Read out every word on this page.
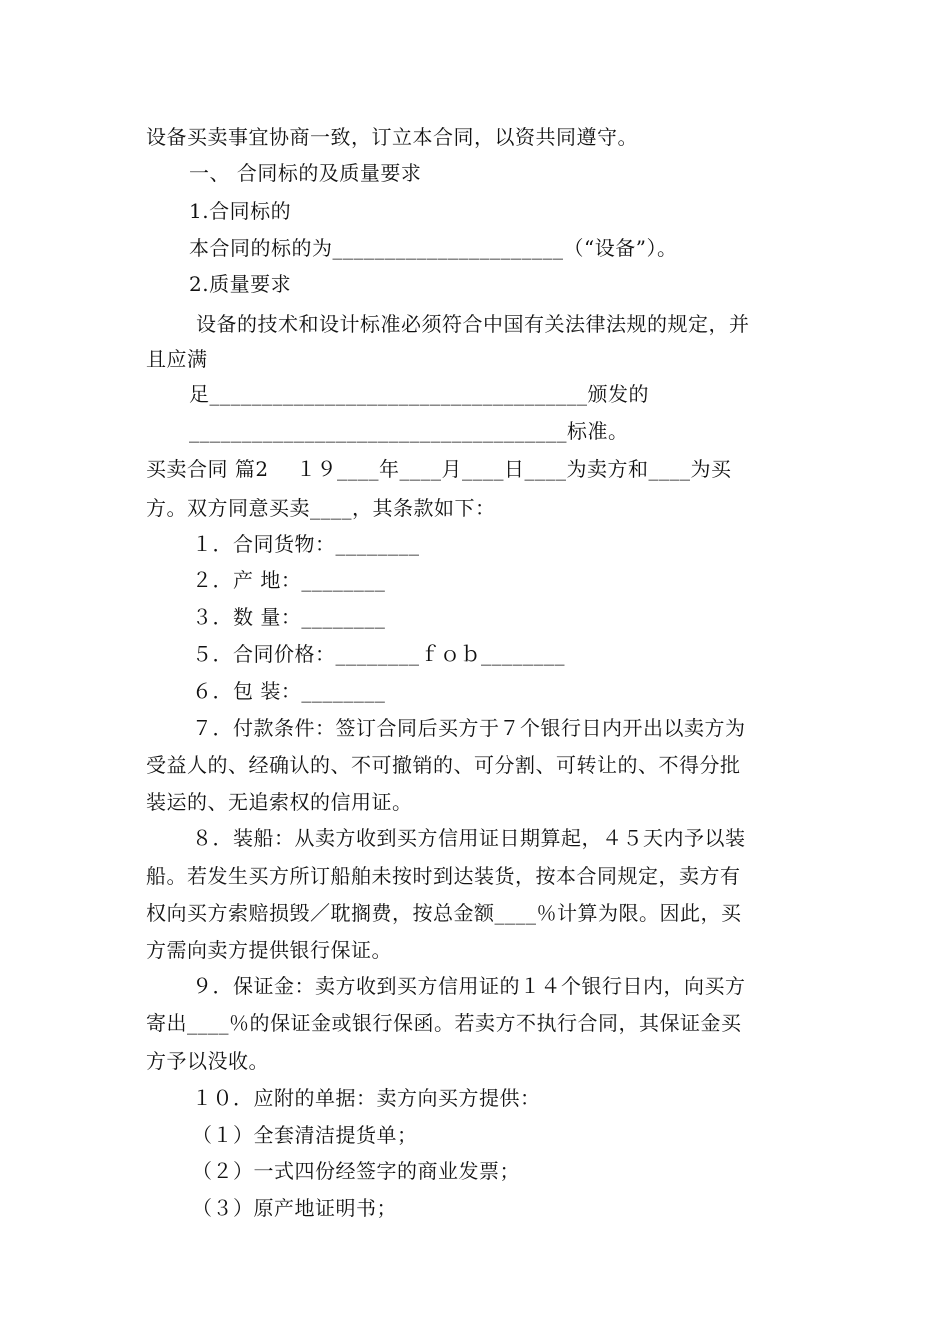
设备买卖事宜协商一致，订立本合同，以资共同遵守。
一、 合同标的及质量要求
1.合同标的
本合同的标的为______________________（“设备”）。
2.质量要求
设备的技术和设计标准必须符合中国有关法律法规的规定，并
且应满
足____________________________________颁发的
____________________________________标准。
买卖合同 篇2    １９____年____月____日____为卖方和____为买
方。双方同意买卖____，其条款如下：
１．合同货物：________
２．产 地：________
３．数 量：________
５．合同价格：________ｆｏｂ________
６．包 装：________
７．付款条件：签订合同后买方于７个银行日内开出以卖方为
受益人的、经确认的、不可撤销的、可分割、可转让的、不得分批
装运的、无追索权的信用证。
８．装船：从卖方收到买方信用证日期算起，４５天内予以装
船。若发生买方所订船舶未按时到达装货，按本合同规定，卖方有
权向买方索赔损毁／耽搁费，按总金额____％计算为限。因此，买
方需向卖方提供银行保证。
９．保证金：卖方收到买方信用证的１４个银行日内，向买方
寄出____％的保证金或银行保函。若卖方不执行合同，其保证金买
方予以没收。
１０．应附的单据：卖方向买方提供：
（１）全套清洁提货单；
（２）一式四份经签字的商业发票；
（３）原产地证明书；
